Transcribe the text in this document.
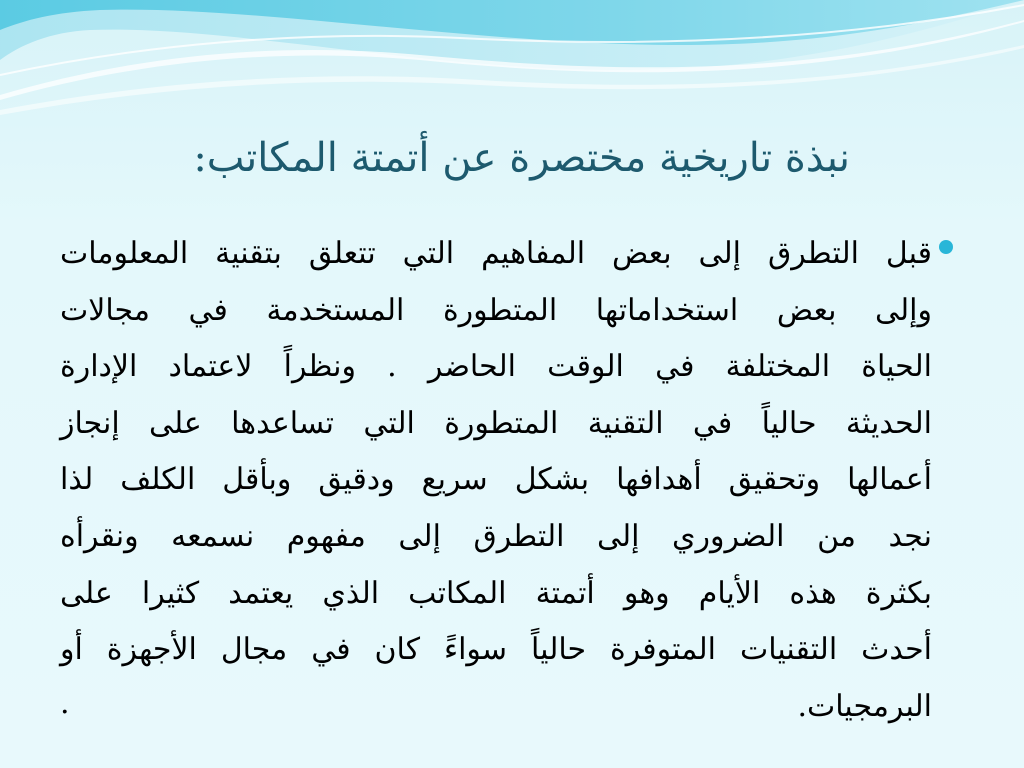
نبذة تاريخية مختصرة عن أتمتة المكاتب:
قبل التطرق إلى بعض المفاهيم التي تتعلق بتقنية المعلومات
وإلى بعض استخداماتها المتطورة المستخدمة في مجالات
الحياة المختلفة في الوقت الحاضر . ونظراً لاعتماد الإدارة
الحديثة حالياً في التقنية المتطورة التي تساعدها على إنجاز
أعمالها وتحقيق أهدافها بشكل سريع ودقيق وبأقل الكلف لذا
نجد من الضروري إلى التطرق إلى مفهوم نسمعه ونقرأه
بكثرة هذه الأيام وهو أتمتة المكاتب الذي يعتمد كثيرا على
أحدث التقنيات المتوفرة حالياً سواءً كان في مجال الأجهزة أو
البرمجيات.
.
